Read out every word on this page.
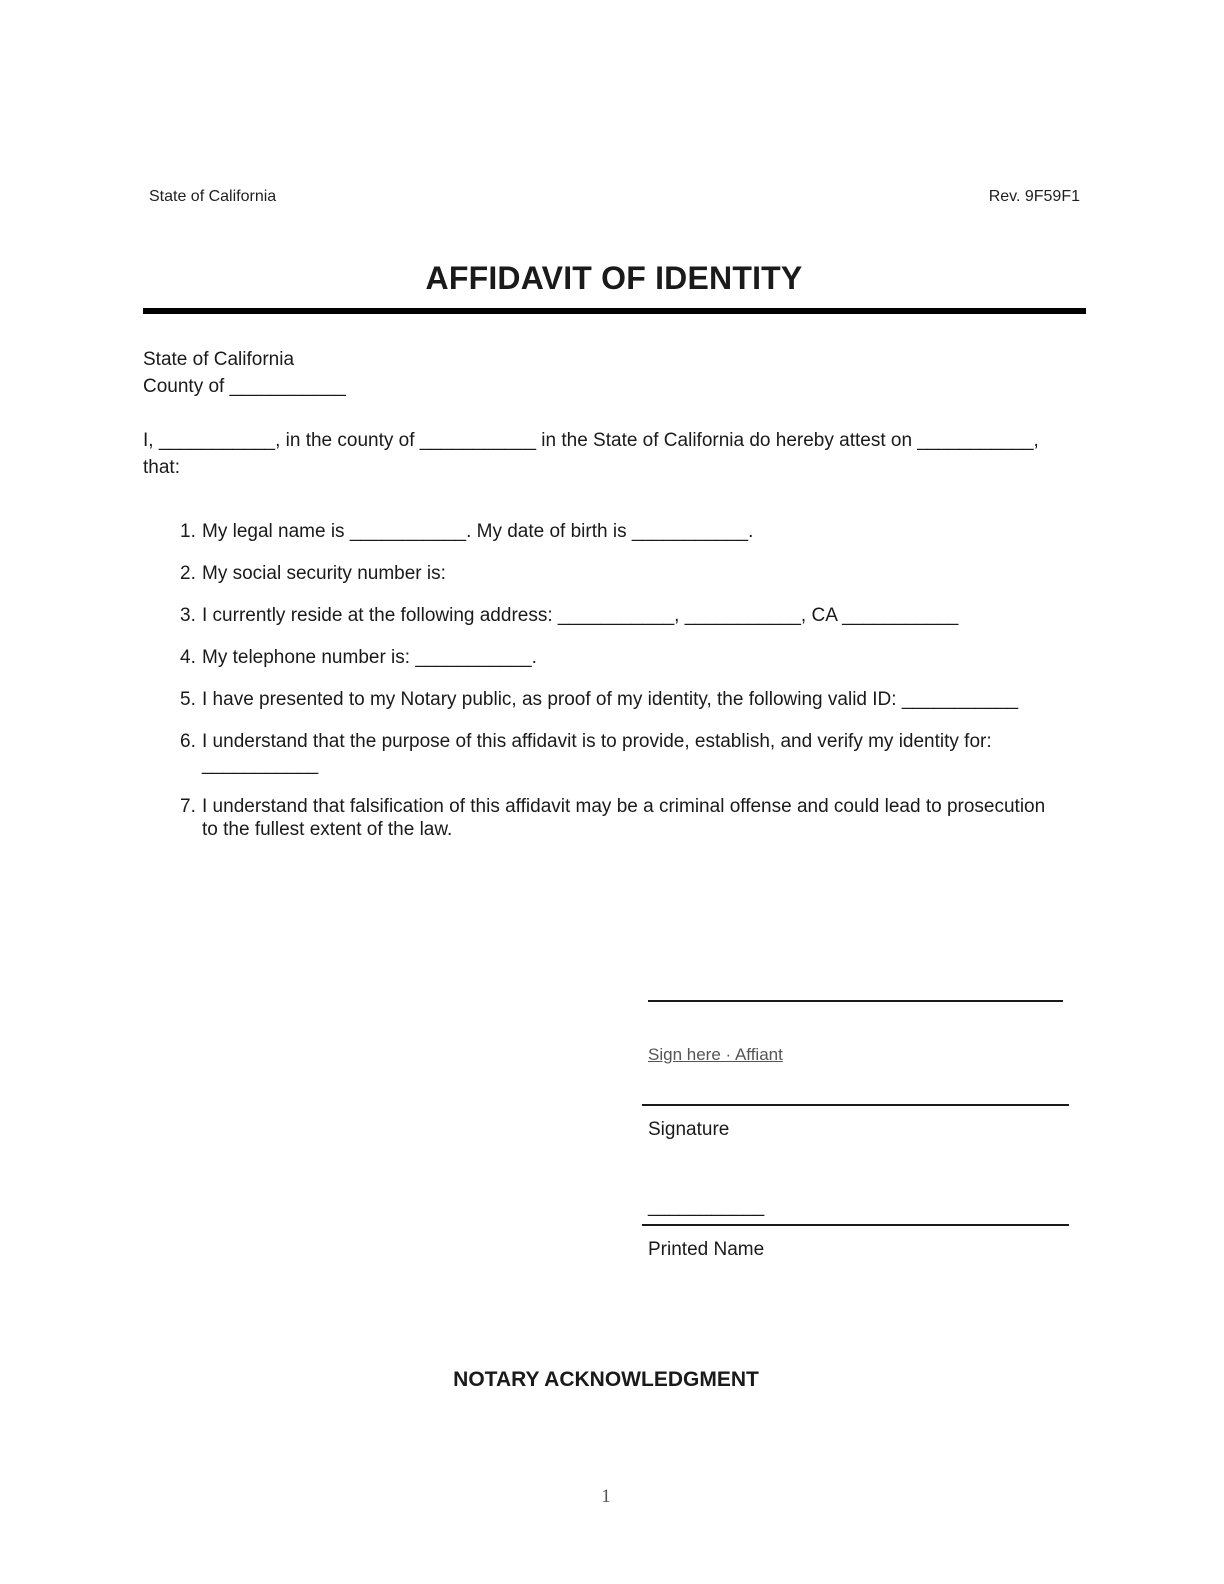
State of California	Rev. 9F59F1
AFFIDAVIT OF IDENTITY
State of California
County of ___________
I, ___________, in the county of ___________ in the State of California do hereby attest on ___________,
that:
1. My legal name is ___________. My date of birth is ___________.
2. My social security number is:
3. I currently reside at the following address: ___________, ___________, CA ___________
4. My telephone number is: ___________.
5. I have presented to my Notary public, as proof of my identity, the following valid ID: ___________
6. I understand that the purpose of this affidavit is to provide, establish, and verify my identity for:
___________
7. I understand that falsification of this affidavit may be a criminal offense and could lead to prosecution
to the fullest extent of the law.
Sign here · Affiant
Signature
___________
Printed Name
NOTARY ACKNOWLEDGMENT
1
